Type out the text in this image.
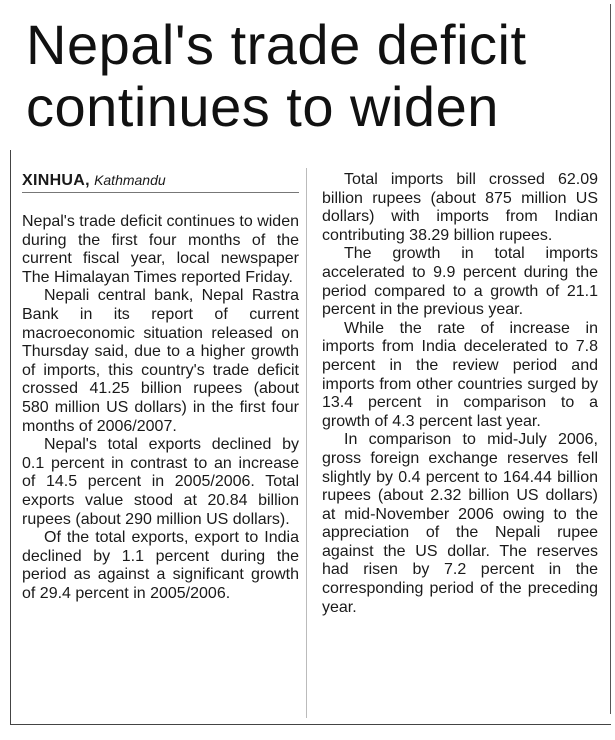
Nepal's trade deficit
continues to widen
XINHUA, Kathmandu

Nepal's trade deficit continues to widen during the first four months of the current fiscal year, local newspaper The Himalayan Times reported Friday.

Nepali central bank, Nepal Rastra Bank in its report of current macroeconomic situation released on Thursday said, due to a higher growth of imports, this country's trade deficit crossed 41.25 billion rupees (about 580 million US dollars) in the first four months of 2006/2007.

Nepal's total exports declined by 0.1 percent in contrast to an increase of 14.5 percent in 2005/2006. Total exports value stood at 20.84 billion rupees (about 290 million US dollars).

Of the total exports, export to India declined by 1.1 percent during the period as against a significant growth of 29.4 percent in 2005/2006.

Total imports bill crossed 62.09 billion rupees (about 875 million US dollars) with imports from Indian contributing 38.29 billion rupees.

The growth in total imports accelerated to 9.9 percent during the period compared to a growth of 21.1 percent in the previous year.

While the rate of increase in imports from India decelerated to 7.8 percent in the review period and imports from other countries surged by 13.4 percent in comparison to a growth of 4.3 percent last year.

In comparison to mid-July 2006, gross foreign exchange reserves fell slightly by 0.4 percent to 164.44 billion rupees (about 2.32 billion US dollars) at mid-November 2006 owing to the appreciation of the Nepali rupee against the US dollar. The reserves had risen by 7.2 percent in the corresponding period of the preceding year.
